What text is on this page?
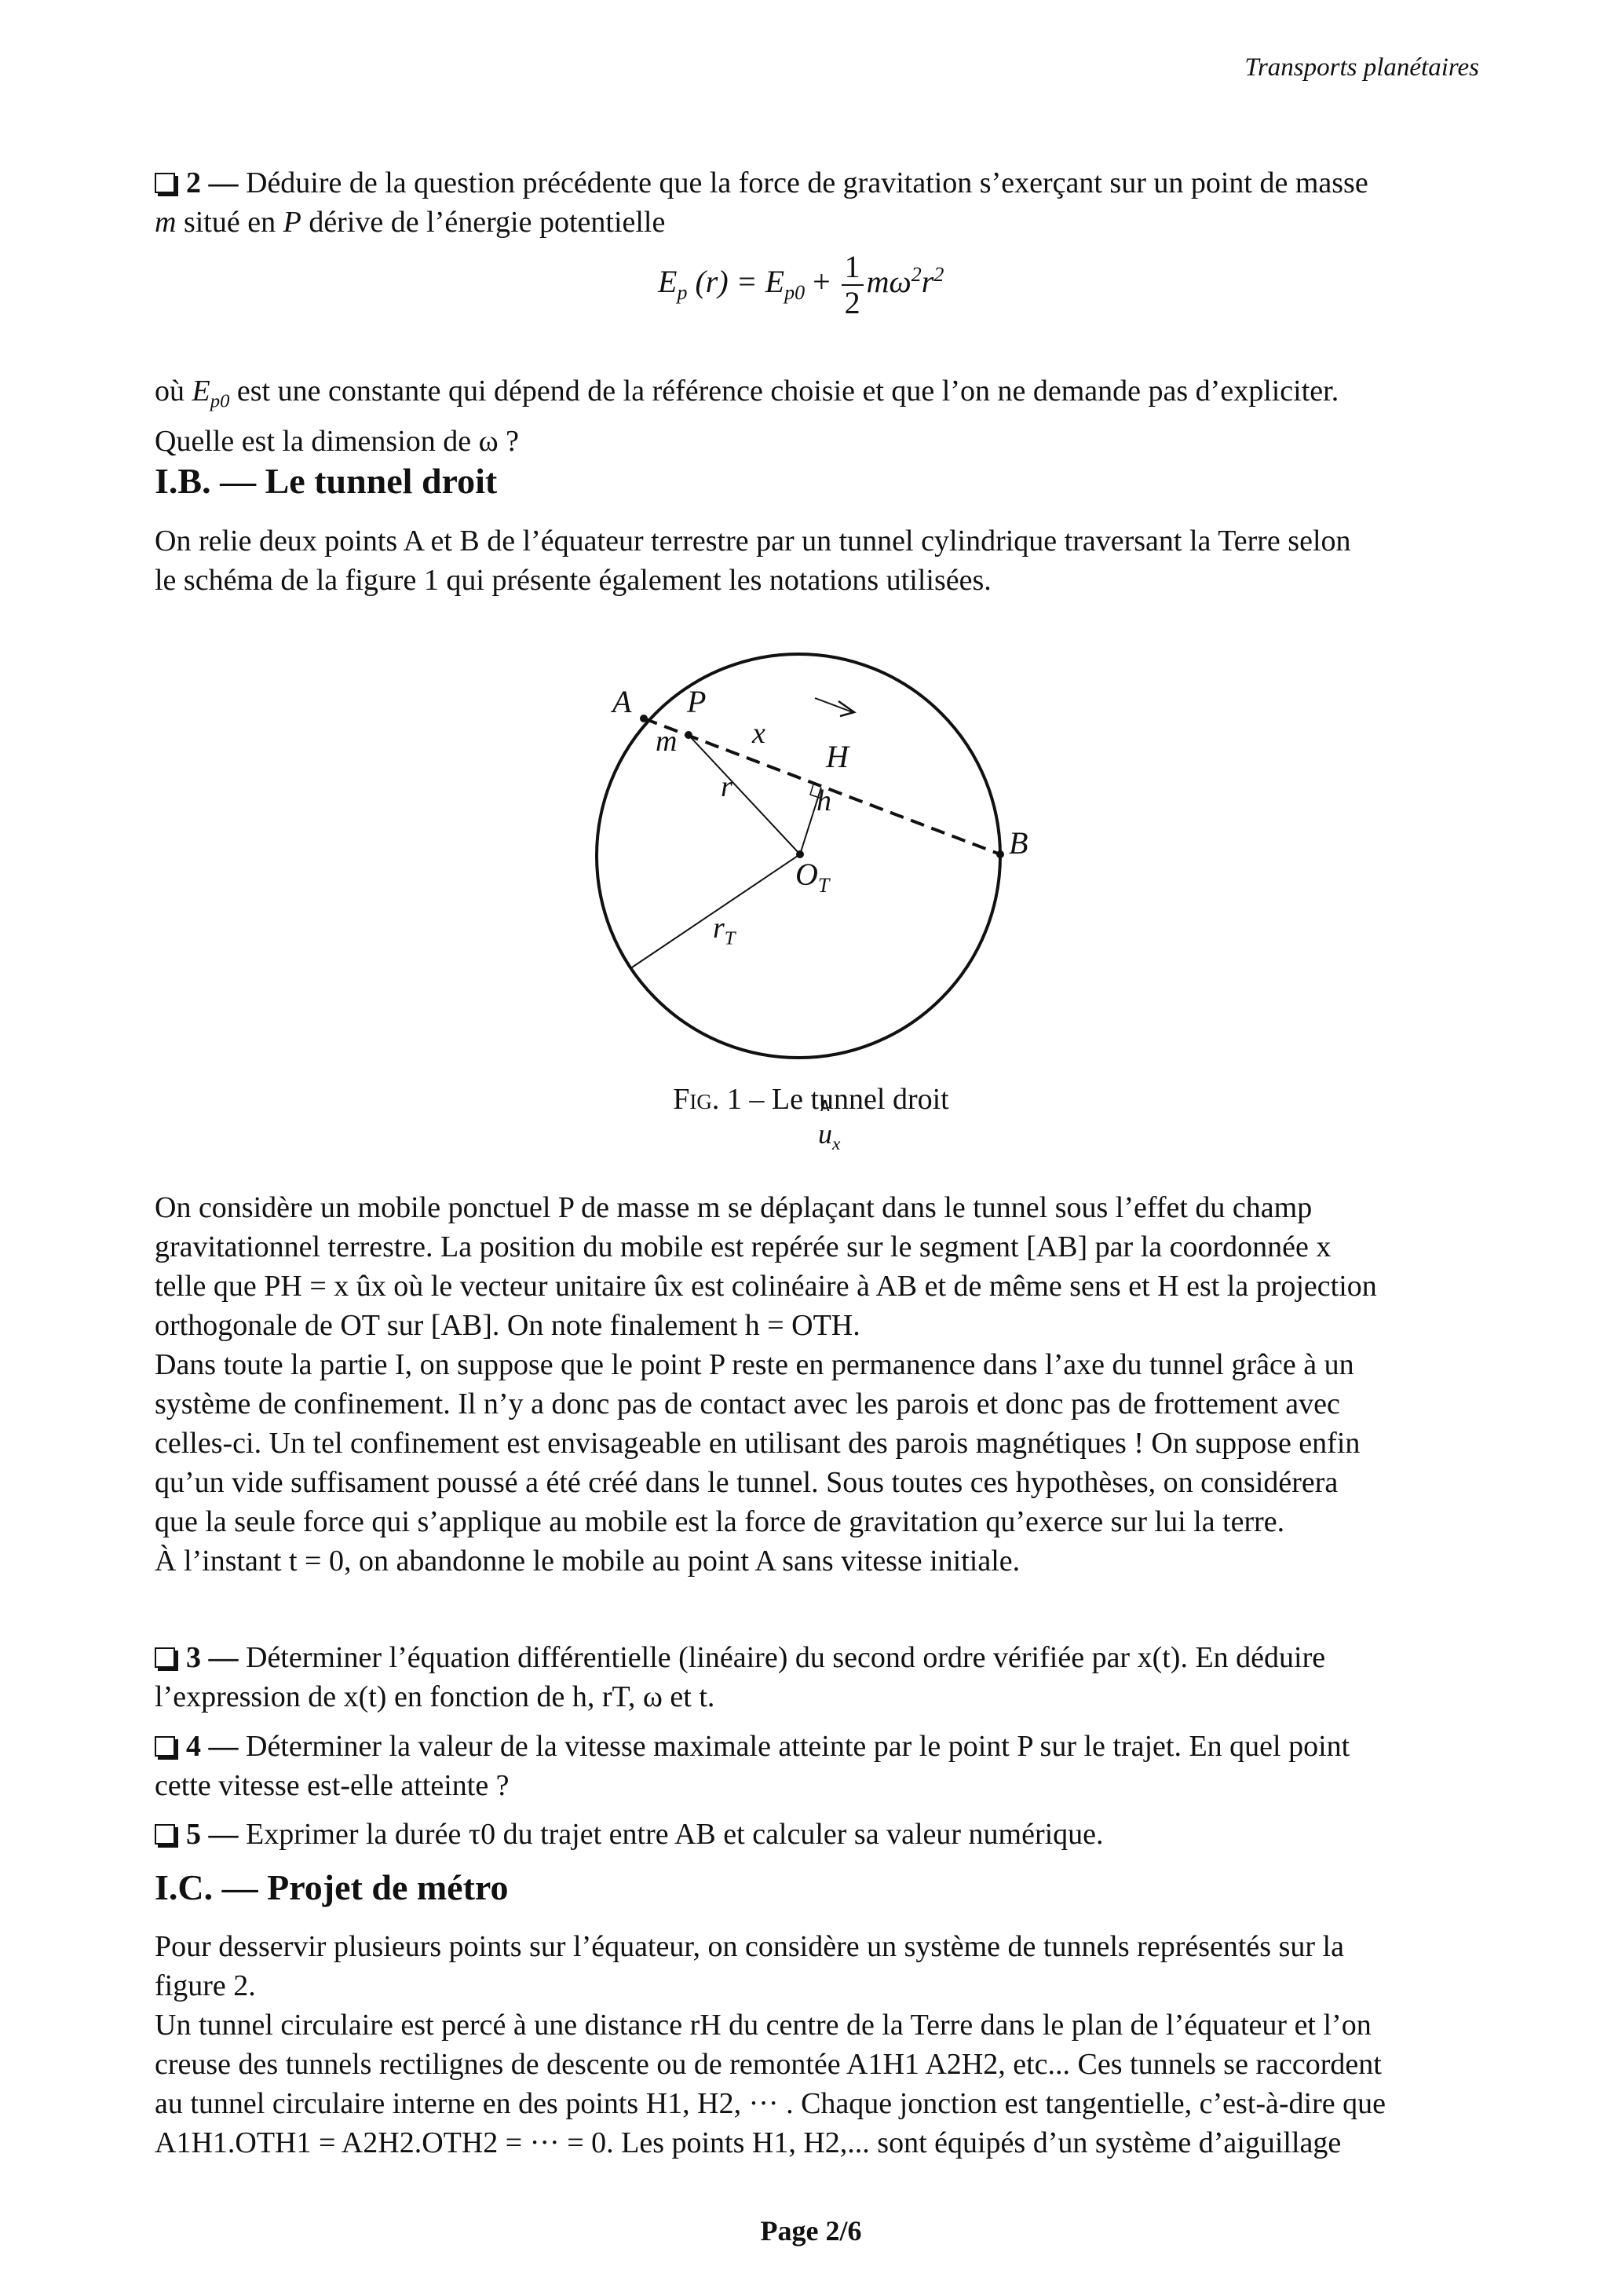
Transports planétaires

2 — Déduire de la question précédente que la force de gravitation s’exerçant sur un point de masse

m situé en P dérive de l’énergie potentielle

$E_p$ $(r) = E_{p0} + \frac{1}{2} m\omega^2r^2$

où $E_{p0}$ est une constante qui dépend de la référence choisie et que l’on ne demande pas d’expliciter.

Quelle est la dimension de ω ?

I.B. — Le tunnel droit

On relie deux points A et B de l’équateur terrestre par un tunnel cylindrique traversant la Terre selon

le schéma de la figure 1 qui présente également les notations utilisées.

A P
m	x
H
h
r
B
$O_T$
$r_T$
∧ $u_x$
Fig. 1 – Le tunnel droit

On considère un mobile ponctuel P de masse m se déplaçant dans le tunnel sous l’effet du champ

gravitationnel terrestre. La position du mobile est repérée sur le segment [AB] par la coordonnée x

telle que PH = x ûx où le vecteur unitaire ûx est colinéaire à AB et de même sens et H est la projection

orthogonale de OT sur [AB]. On note finalement h = OTH.

Dans toute la partie I, on suppose que le point P reste en permanence dans l’axe du tunnel grâce à un

système de confinement. Il n’y a donc pas de contact avec les parois et donc pas de frottement avec

celles-ci. Un tel confinement est envisageable en utilisant des parois magnétiques ! On suppose enfin

qu’un vide suffisament poussé a été créé dans le tunnel. Sous toutes ces hypothèses, on considérera

que la seule force qui s’applique au mobile est la force de gravitation qu’exerce sur lui la terre.

À l’instant t = 0, on abandonne le mobile au point A sans vitesse initiale.

3 — Déterminer l’équation différentielle (linéaire) du second ordre vérifiée par x(t). En déduire

l’expression de x(t) en fonction de h, rT, ω et t.

4 — Déterminer la valeur de la vitesse maximale atteinte par le point P sur le trajet. En quel point

cette vitesse est-elle atteinte ?

5 — Exprimer la durée τ0 du trajet entre AB et calculer sa valeur numérique.

I.C. — Projet de métro

Pour desservir plusieurs points sur l’équateur, on considère un système de tunnels représentés sur la

figure 2.

Un tunnel circulaire est percé à une distance rH du centre de la Terre dans le plan de l’équateur et l’on

creuse des tunnels rectilignes de descente ou de remontée A1H1 A2H2, etc... Ces tunnels se raccordent

au tunnel circulaire interne en des points H1, H2, ··· . Chaque jonction est tangentielle, c’est-à-dire que

A1H1.OTH1 = A2H2.OTH2 = ··· = 0. Les points H1, H2,... sont équipés d’un système d’aiguillage

Page 2/6
